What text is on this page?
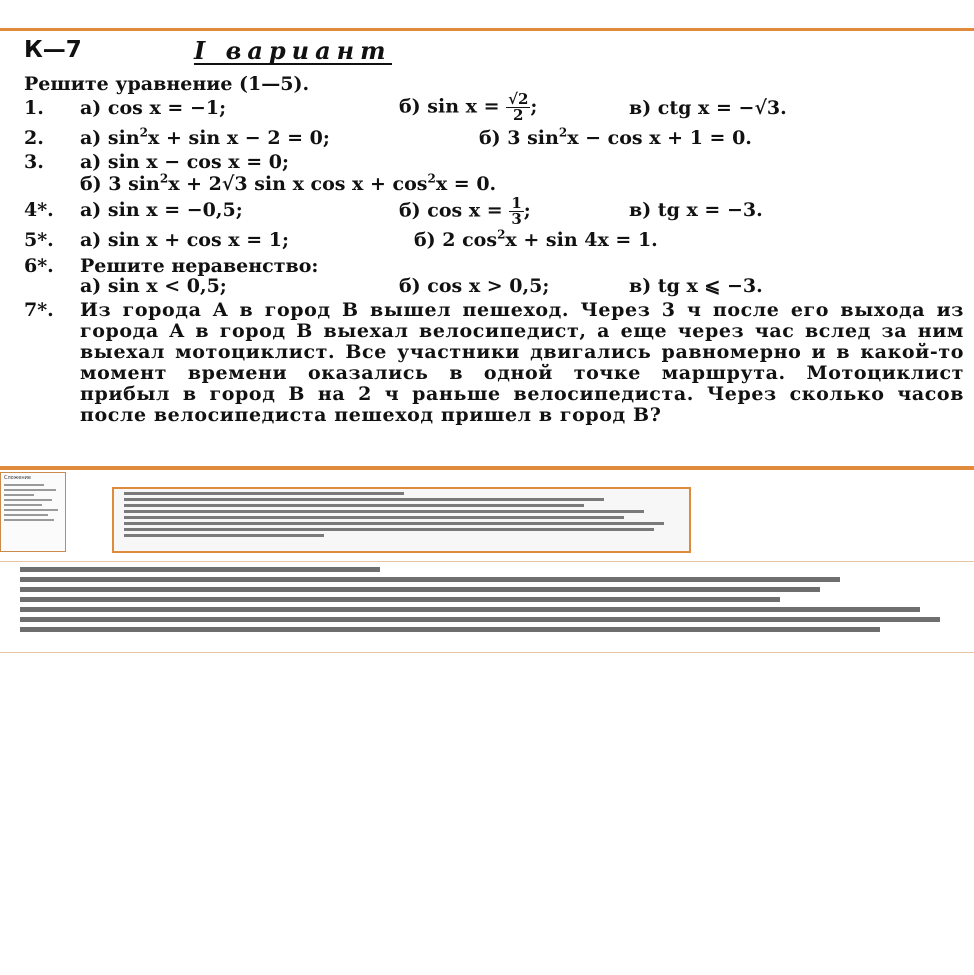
К—7	I вариант
Решите уравнение (1—5).
1. а) cos x = −1;	б) $\sin x = \frac{√2}{2}$ ;	в) ctg x = −√3.
2. а) $\sin^2x + \sin x - 2 = 0$;	б) 3 $\sin^2x - \cos x + 1 = 0$.
3. а) sin x − cos x = 0;
б) 3 $\sin^2x + 2√3$ sin x $\cos x + \cos^2x = 0$.
4*. а) sin x = −0,5;	б) $\cos x = \frac{1}{3}$ ;	в) tg x = −3.
5*. а) sin x + cos x = 1;	б) 2 $\cos^2x + \sin 4x = 1$.
6*. Решите неравенство:
а) sin x < 0,5;	б) cos x > 0,5;	в) tg x ⩽ −3.
7*.	Из города A в город B вышел пешеход. Через 3 ч после его выхода из города A в город B выехал велосипедист, а еще через час вслед за ним выехал мотоциклист. Все участники двигались равномерно и в какой-то момент времени оказались в одной точке маршрута. Мотоциклист прибыл в город B на 2 ч раньше велосипедиста. Через сколько часов после велосипедиста пешеход пришел в город B?
Сложение
